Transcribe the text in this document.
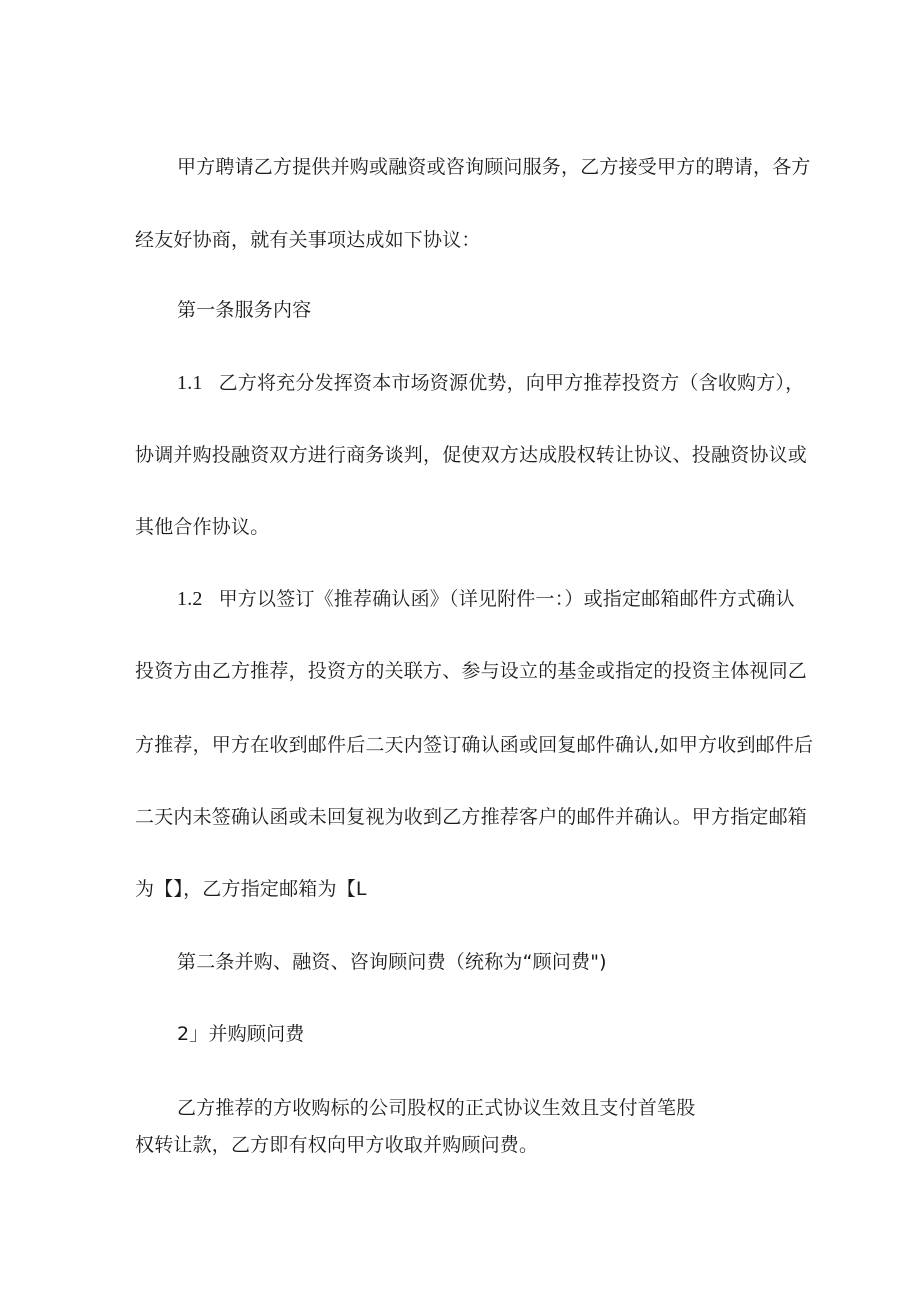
甲方聘请乙方提供并购或融资或咨询顾问服务，乙方接受甲方的聘请，各方
经友好协商，就有关事项达成如下协议：
第一条服务内容
1.1 乙方将充分发挥资本市场资源优势，向甲方推荐投资方（含收购方），
协调并购投融资双方进行商务谈判，促使双方达成股权转让协议、投融资协议或
其他合作协议。
1.2 甲方以签订《推荐确认函》（详见附件一：）或指定邮箱邮件方式确认
投资方由乙方推荐，投资方的关联方、参与设立的基金或指定的投资主体视同乙
方推荐，甲方在收到邮件后二天内签订确认函或回复邮件确认,如甲方收到邮件后
二天内未签确认函或未回复视为收到乙方推荐客户的邮件并确认。甲方指定邮箱
为【】，乙方指定邮箱为【L
第二条并购、融资、咨询顾问费（统称为“顾问费")
2」并购顾问费
乙方推荐的方收购标的公司股权的正式协议生效且支付首笔股
权转让款，乙方即有权向甲方收取并购顾问费。
